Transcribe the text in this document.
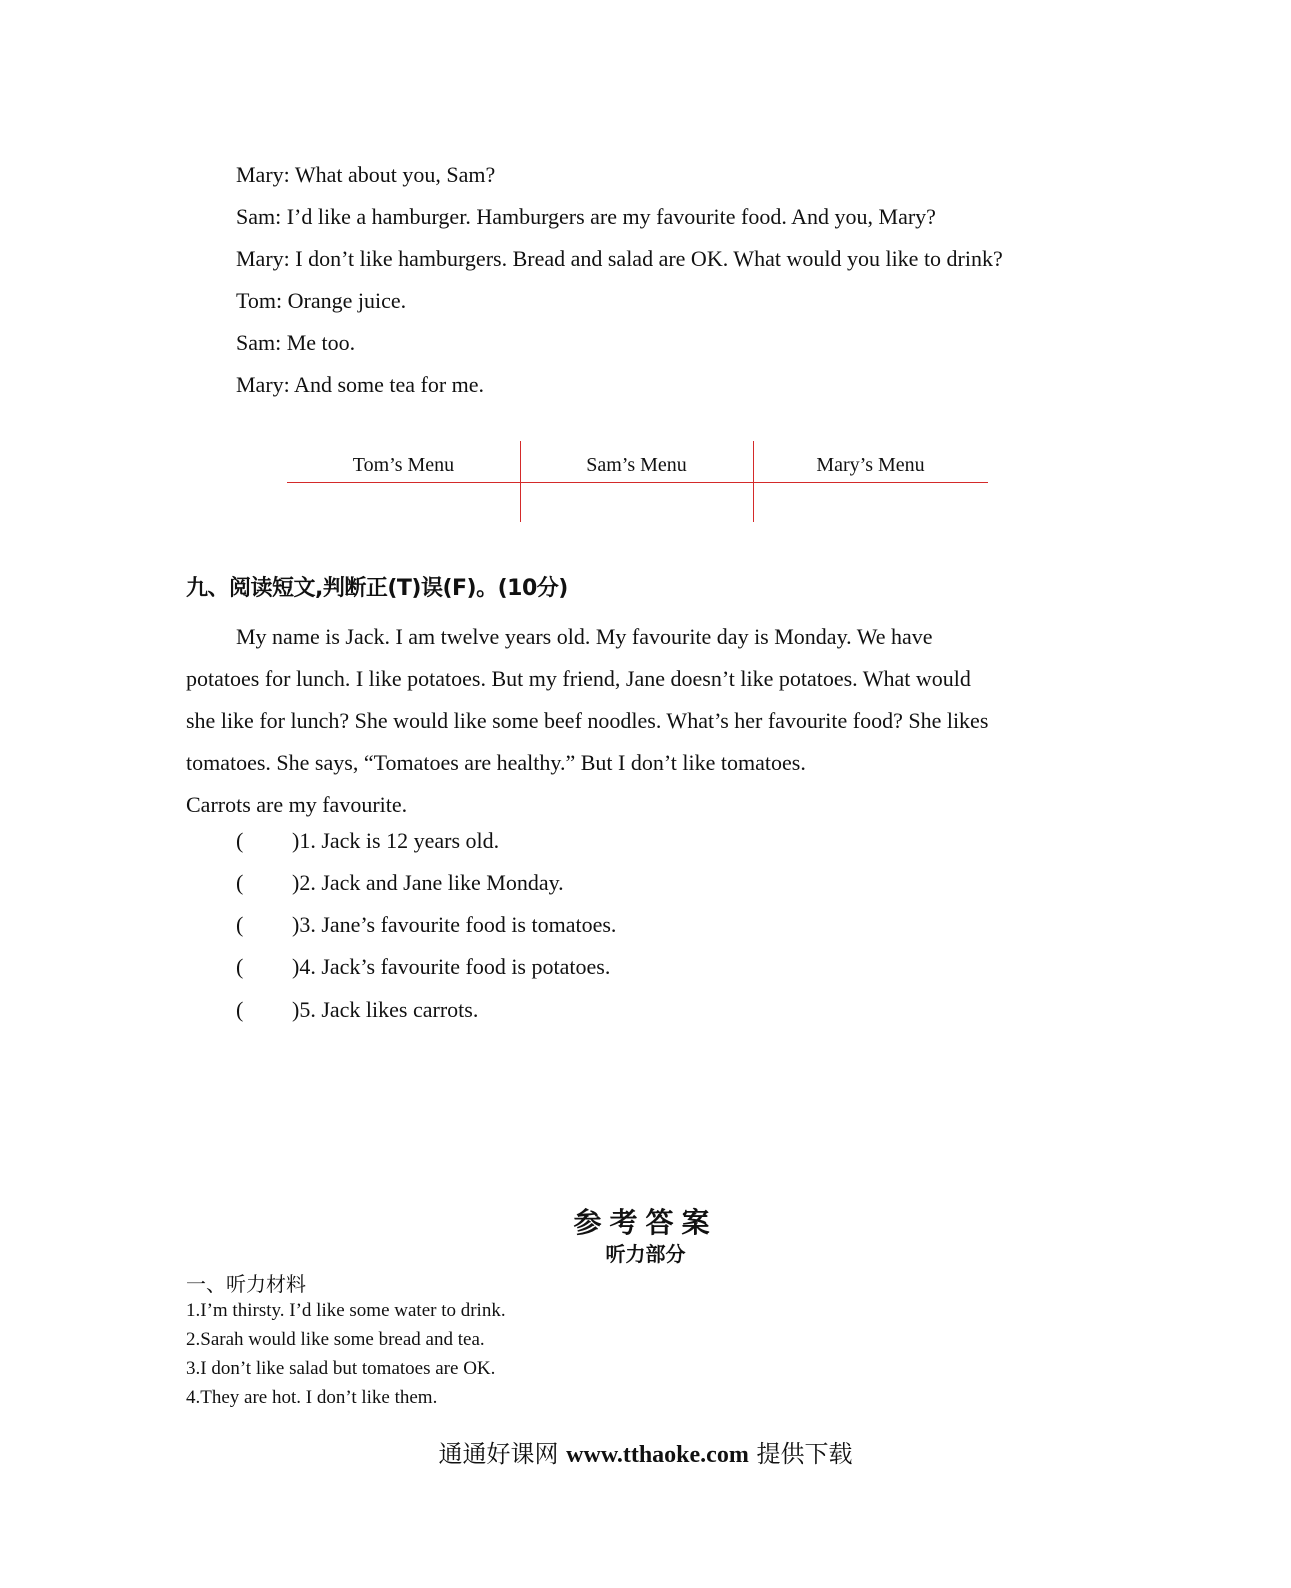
Mary: What about you, Sam?
Sam: I’d like a hamburger. Hamburgers are my favourite food. And you, Mary?
Mary: I don’t like hamburgers. Bread and salad are OK. What would you like to drink?
Tom: Orange juice.
Sam: Me too.
Mary: And some tea for me.
Tom’s Menu	Sam’s Menu	Mary’s Menu
九、阅读短文,判断正(T)误(F)。(10分)
My name is Jack. I am twelve years old. My favourite day is Monday. We have
potatoes for lunch. I like potatoes. But my friend, Jane doesn’t like potatoes. What would
she like for lunch? She would like some beef noodles. What’s her favourite food? She likes
tomatoes. She says, “Tomatoes are healthy.” But I don’t like tomatoes.
Carrots are my favourite.
( )1. Jack is 12 years old.
( )2. Jack and Jane like Monday.
( )3. Jane’s favourite food is tomatoes.
( )4. Jack’s favourite food is potatoes.
( )5. Jack likes carrots.
参考答案
听力部分
一、听力材料
1.I’m thirsty. I’d like some water to drink.
2.Sarah would like some bread and tea.
3.I don’t like salad but tomatoes are OK.
4.They are hot. I don’t like them.
通通好课网 www.tthaoke.com 提供下载
